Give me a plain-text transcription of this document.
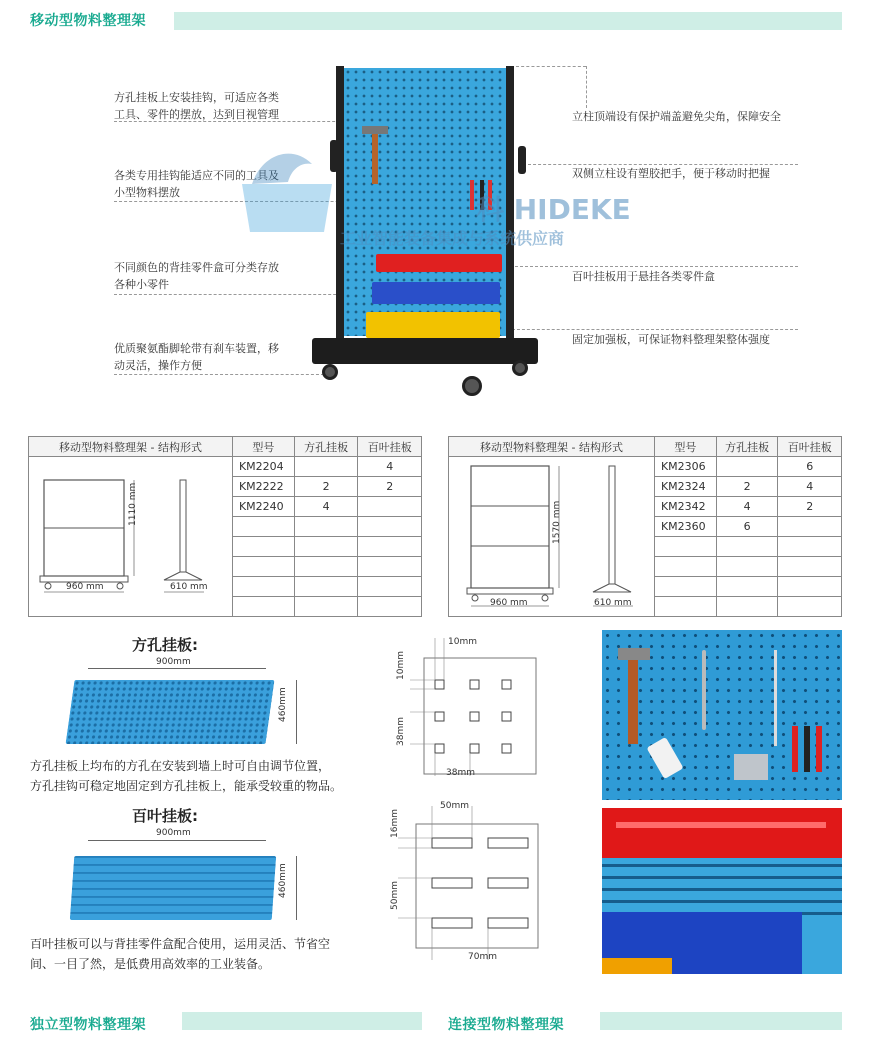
移动型物料整理架
方孔挂板上安装挂钩，可适应各类工具、零件的摆放，达到目视管理
各类专用挂钩能适应不同的工具及小型物料摆放
不同颜色的背挂零件盒可分类存放各种小零件
优质聚氨酯脚轮带有刹车装置，移动灵活，操作方便
立柱顶端设有保护端盖避免尖角，保障安全
双侧立柱设有塑胶把手，便于移动时把握
百叶挂板用于悬挂各类零件盒
固定加强板，可保证物料整理架整体强度
科 HIDEKE
工业智能装备集成与系统供应商
移动型物料整理架 - 结构形式	型号	方孔挂板	百叶挂板
	KM2204		4
	KM2222	2	2
	KM2240	4	

1110 mm
960 mm	610 mm
移动型物料整理架 - 结构形式	型号	方孔挂板	百叶挂板
	KM2306		6
	KM2324	2	4
	KM2342	4	2
	KM2360	6	

1570 mm
960 mm	610 mm
方孔挂板:
900mm
460mm
方孔挂板上均布的方孔在安装到墙上时可自由调节位置，
方孔挂钩可稳定地固定到方孔挂板上，能承受较重的物品。
10mm
10mm
38mm
38mm
百叶挂板:
900mm
460mm
百叶挂板可以与背挂零件盒配合使用，运用灵活、节省空
间、一目了然，是低费用高效率的工业装备。
50mm
16mm
50mm
70mm
独立型物料整理架	连接型物料整理架
